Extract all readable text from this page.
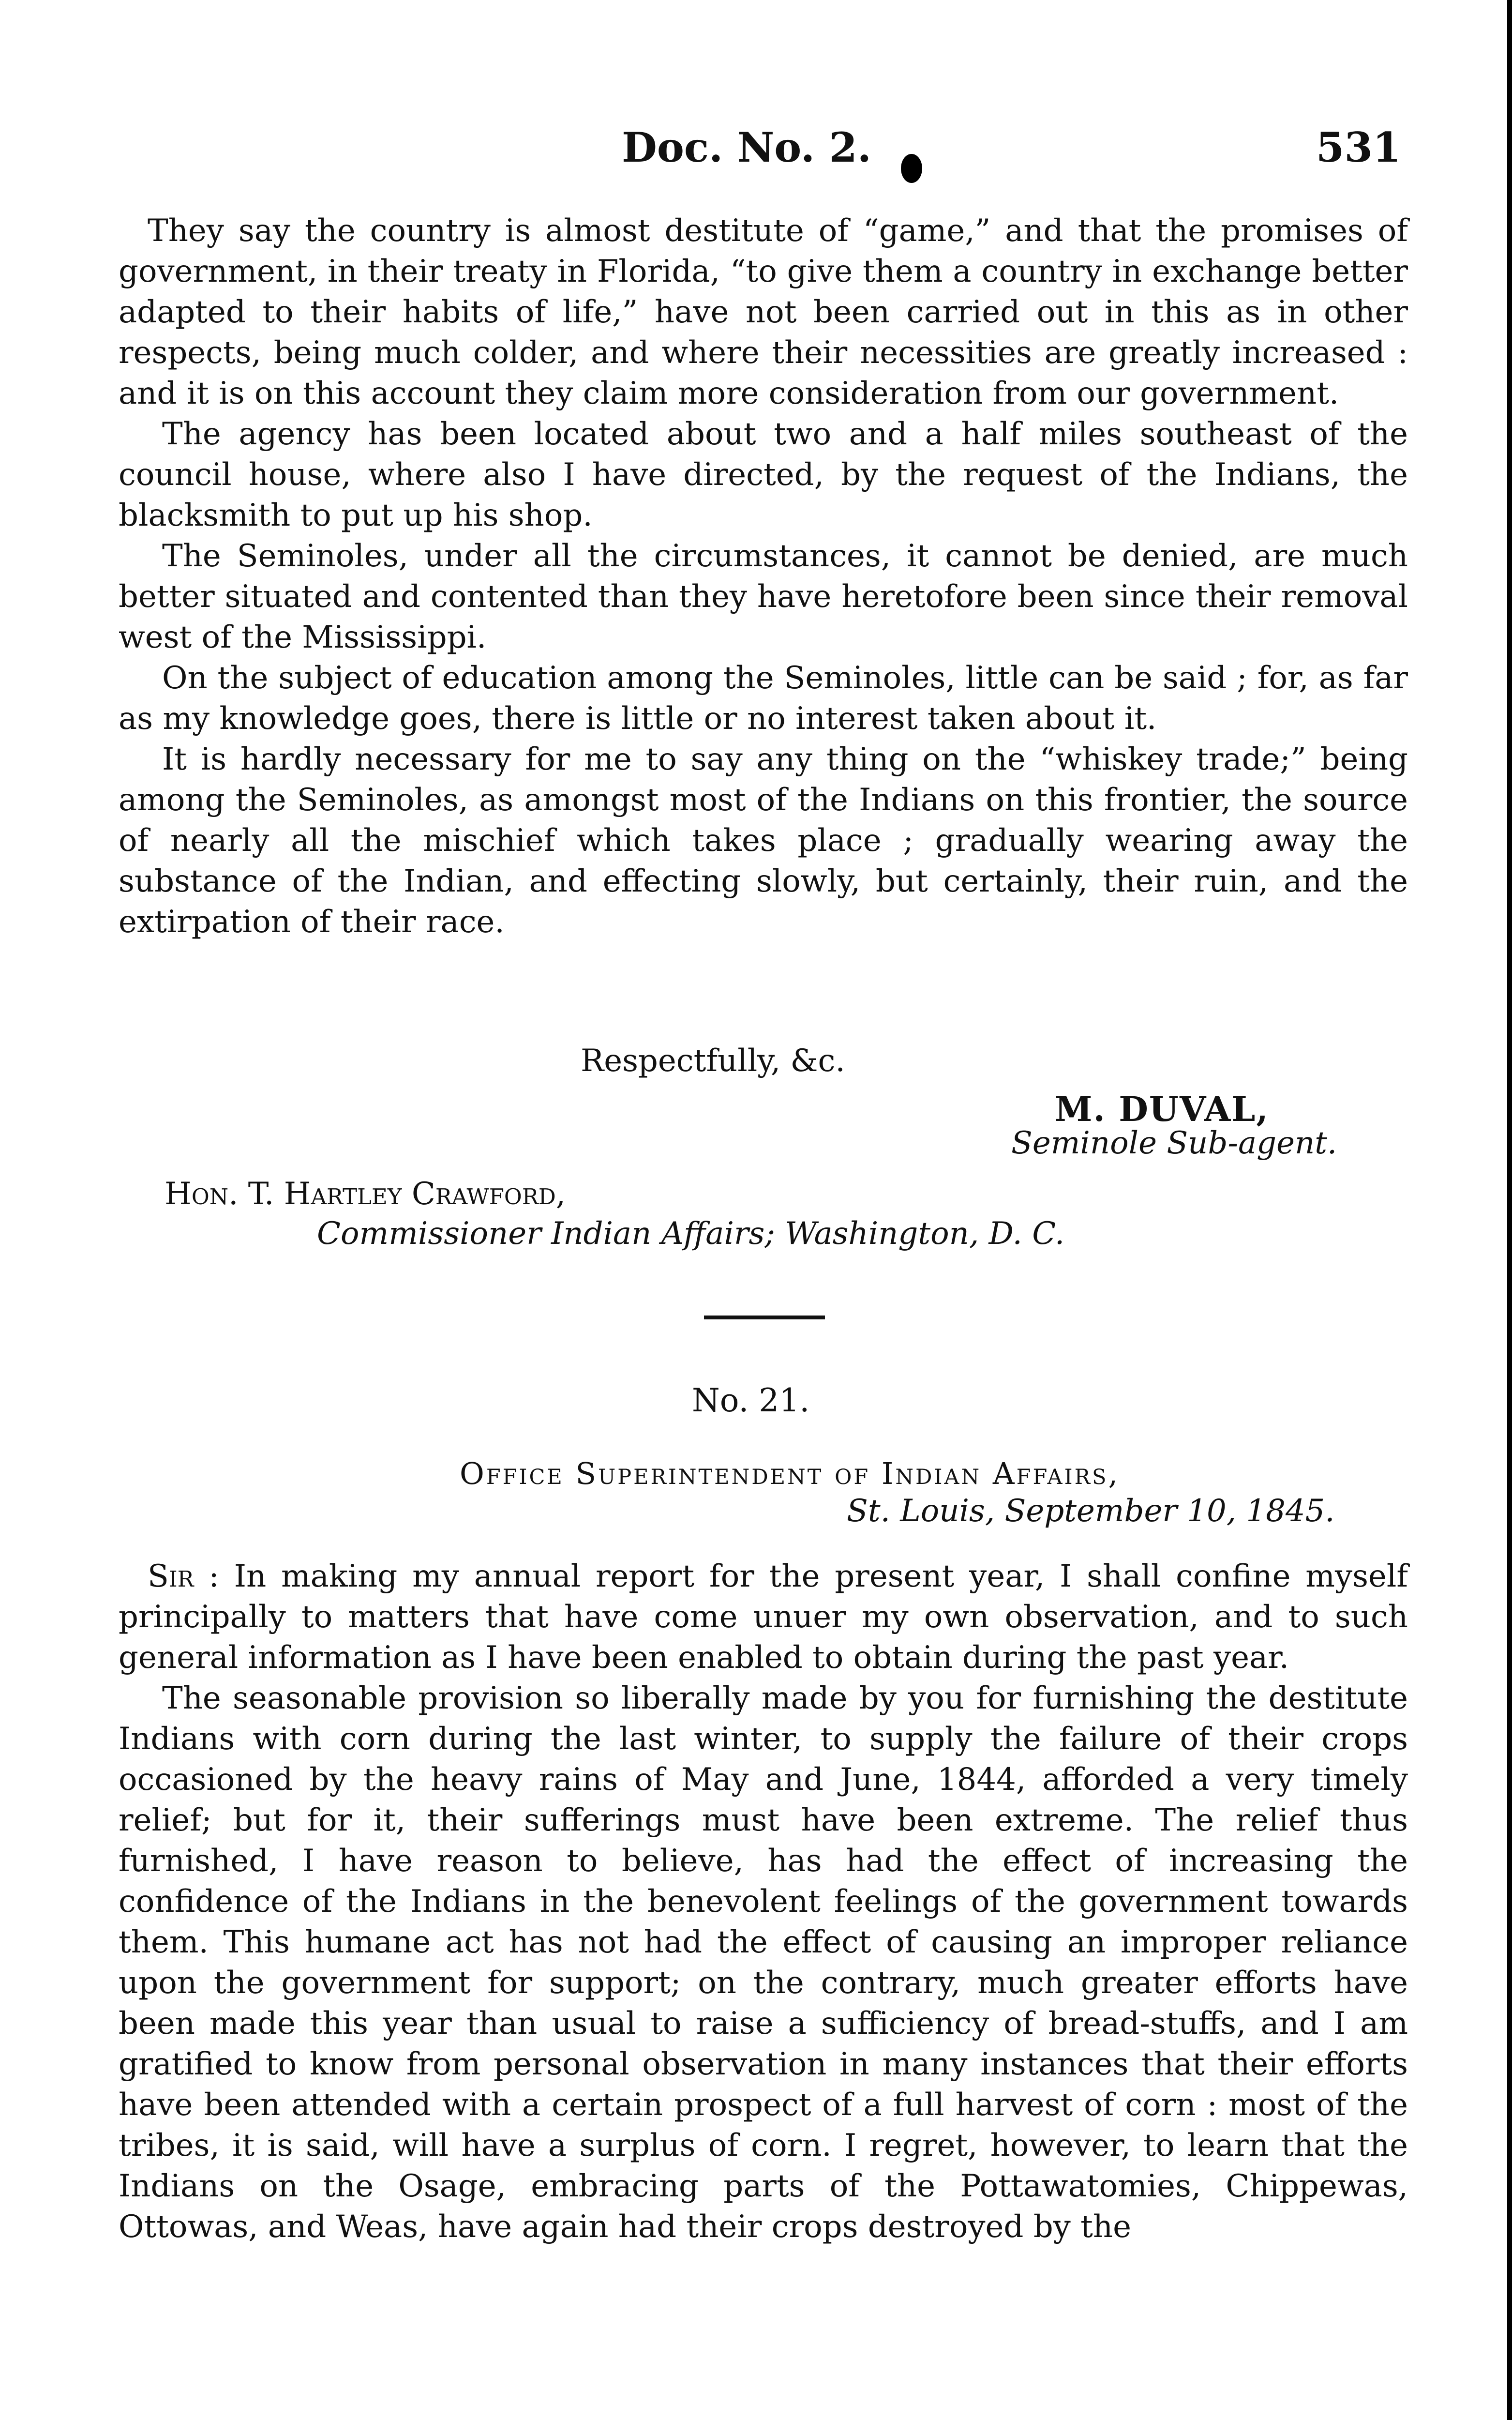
Doc. No. 2.	531

They say the country is almost destitute of “game,” and that the promises of government, in their treaty in Florida, “to give them a country in exchange better adapted to their habits of life,” have not been carried out in this as in other respects, being much colder, and where their necessities are greatly increased : and it is on this account they claim more consideration from our government.

The agency has been located about two and a half miles southeast of the council house, where also I have directed, by the request of the Indians, the blacksmith to put up his shop.

The Seminoles, under all the circumstances, it cannot be denied, are much better situated and contented than they have heretofore been since their removal west of the Mississippi.

On the subject of education among the Seminoles, little can be said ; for, as far as my knowledge goes, there is little or no interest taken about it.

It is hardly necessary for me to say any thing on the “whiskey trade;” being among the Seminoles, as amongst most of the Indians on this frontier, the source of nearly all the mischief which takes place ; gradually wearing away the substance of the Indian, and effecting slowly, but certainly, their ruin, and the extirpation of their race.

Respectfully, &c.
M. DUVAL,
Seminole Sub-agent.
Hon. T. Hartley Crawford,
Commissioner Indian Affairs; Washington, D. C.
No. 21.
Office Superintendent of Indian Affairs,
St. Louis, September 10, 1845.

Sir : In making my annual report for the present year, I shall confine myself principally to matters that have come unuer my own observation, and to such general information as I have been enabled to obtain during the past year.

The seasonable provision so liberally made by you for furnishing the destitute Indians with corn during the last winter, to supply the failure of their crops occasioned by the heavy rains of May and June, 1844, afforded a very timely relief; but for it, their sufferings must have been extreme. The relief thus furnished, I have reason to believe, has had the effect of increasing the confidence of the Indians in the benevolent feelings of the government towards them. This humane act has not had the effect of causing an improper reliance upon the government for support; on the contrary, much greater efforts have been made this year than usual to raise a sufficiency of bread-stuffs, and I am gratified to know from personal observation in many instances that their efforts have been attended with a certain prospect of a full harvest of corn : most of the tribes, it is said, will have a surplus of corn. I regret, however, to learn that the Indians on the Osage, embracing parts of the Pottawatomies, Chippewas, Ottowas, and Weas, have again had their crops destroyed by the
